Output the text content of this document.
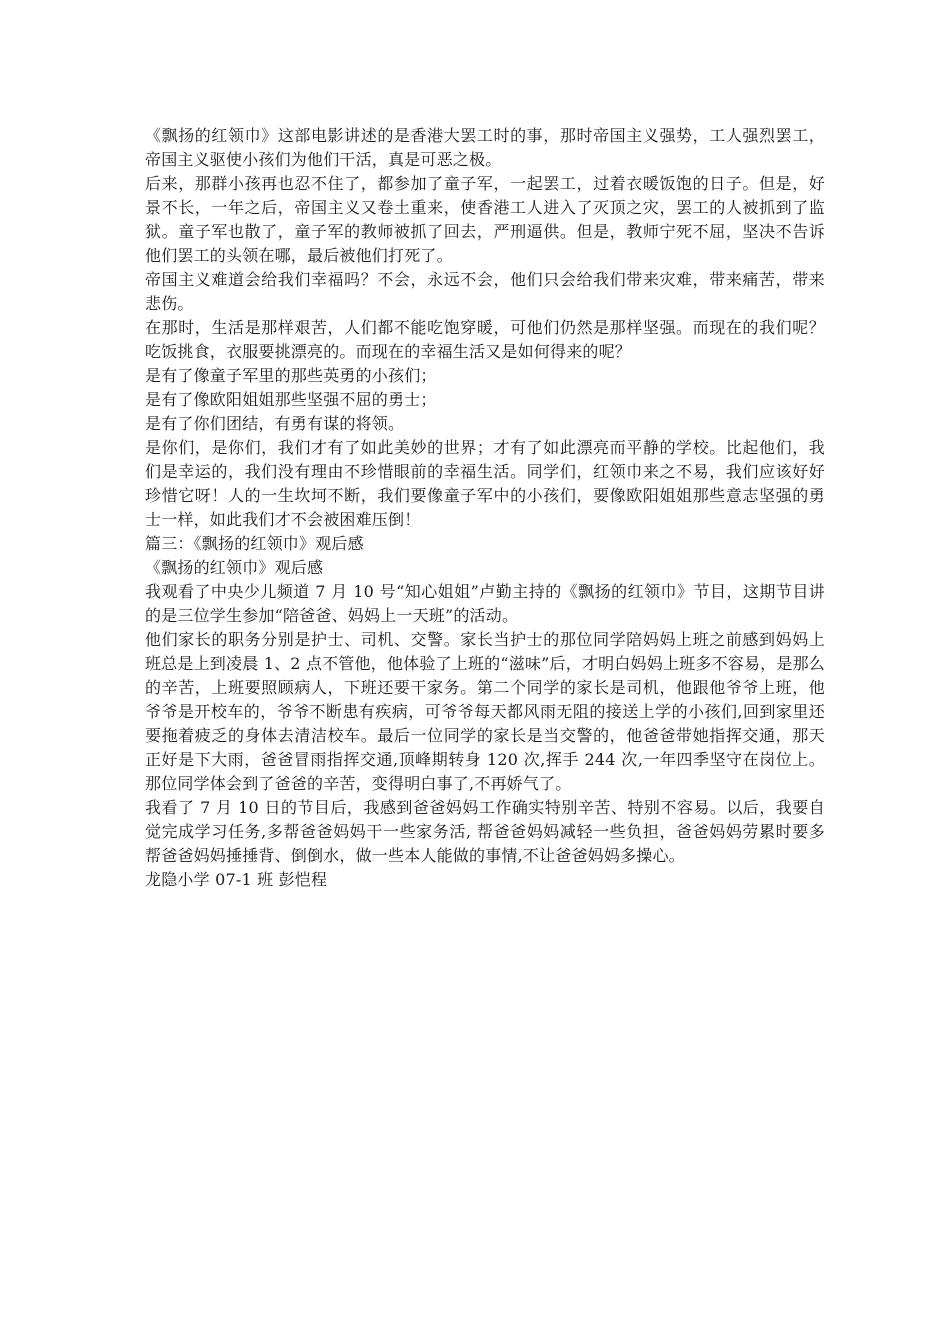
《飘扬的红领巾》这部电影讲述的是香港大罢工时的事，那时帝国主义强势，工人强烈罢工，帝国主义驱使小孩们为他们干活，真是可恶之极。

后来，那群小孩再也忍不住了，都参加了童子军，一起罢工，过着衣暖饭饱的日子。但是，好景不长，一年之后，帝国主义又卷土重来，使香港工人进入了灭顶之灾，罢工的人被抓到了监狱。童子军也散了，童子军的教师被抓了回去，严刑逼供。但是，教师宁死不屈，坚决不告诉他们罢工的头领在哪，最后被他们打死了。

帝国主义难道会给我们幸福吗？不会，永远不会，他们只会给我们带来灾难，带来痛苦，带来悲伤。

在那时，生活是那样艰苦，人们都不能吃饱穿暖，可他们仍然是那样坚强。而现在的我们呢？吃饭挑食，衣服要挑漂亮的。而现在的幸福生活又是如何得来的呢？

是有了像童子军里的那些英勇的小孩们；

是有了像欧阳姐姐那些坚强不屈的勇士；

是有了你们团结，有勇有谋的将领。

是你们，是你们，我们才有了如此美妙的世界；才有了如此漂亮而平静的学校。比起他们，我们是幸运的，我们没有理由不珍惜眼前的幸福生活。同学们，红领巾来之不易，我们应该好好珍惜它呀！人的一生坎坷不断，我们要像童子军中的小孩们，要像欧阳姐姐那些意志坚强的勇士一样，如此我们才不会被困难压倒！

篇三：《飘扬的红领巾》观后感

《飘扬的红领巾》观后感

我观看了中央少儿频道 7 月 10 号“知心姐姐”卢勤主持的《飘扬的红领巾》节目，这期节目讲的是三位学生参加“陪爸爸、妈妈上一天班”的活动。

他们家长的职务分别是护士、司机、交警。家长当护士的那位同学陪妈妈上班之前感到妈妈上班总是上到凌晨 1、2 点不管他，他体验了上班的“滋味”后，才明白妈妈上班多不容易，是那么的辛苦，上班要照顾病人，下班还要干家务。第二个同学的家长是司机，他跟他爷爷上班，他爷爷是开校车的，爷爷不断患有疾病，可爷爷每天都风雨无阻的接送上学的小孩们,回到家里还要拖着疲乏的身体去清洁校车。最后一位同学的家长是当交警的，他爸爸带她指挥交通，那天正好是下大雨，爸爸冒雨指挥交通,顶峰期转身 120 次,挥手 244 次,一年四季坚守在岗位上。那位同学体会到了爸爸的辛苦，变得明白事了,不再娇气了。

我看了 7 月 10 日的节目后，我感到爸爸妈妈工作确实特别辛苦、特别不容易。以后，我要自觉完成学习任务,多帮爸爸妈妈干一些家务活, 帮爸爸妈妈减轻一些负担，爸爸妈妈劳累时要多帮爸爸妈妈捶捶背、倒倒水，做一些本人能做的事情,不让爸爸妈妈多操心。

龙隐小学 07-1 班 彭恺程
